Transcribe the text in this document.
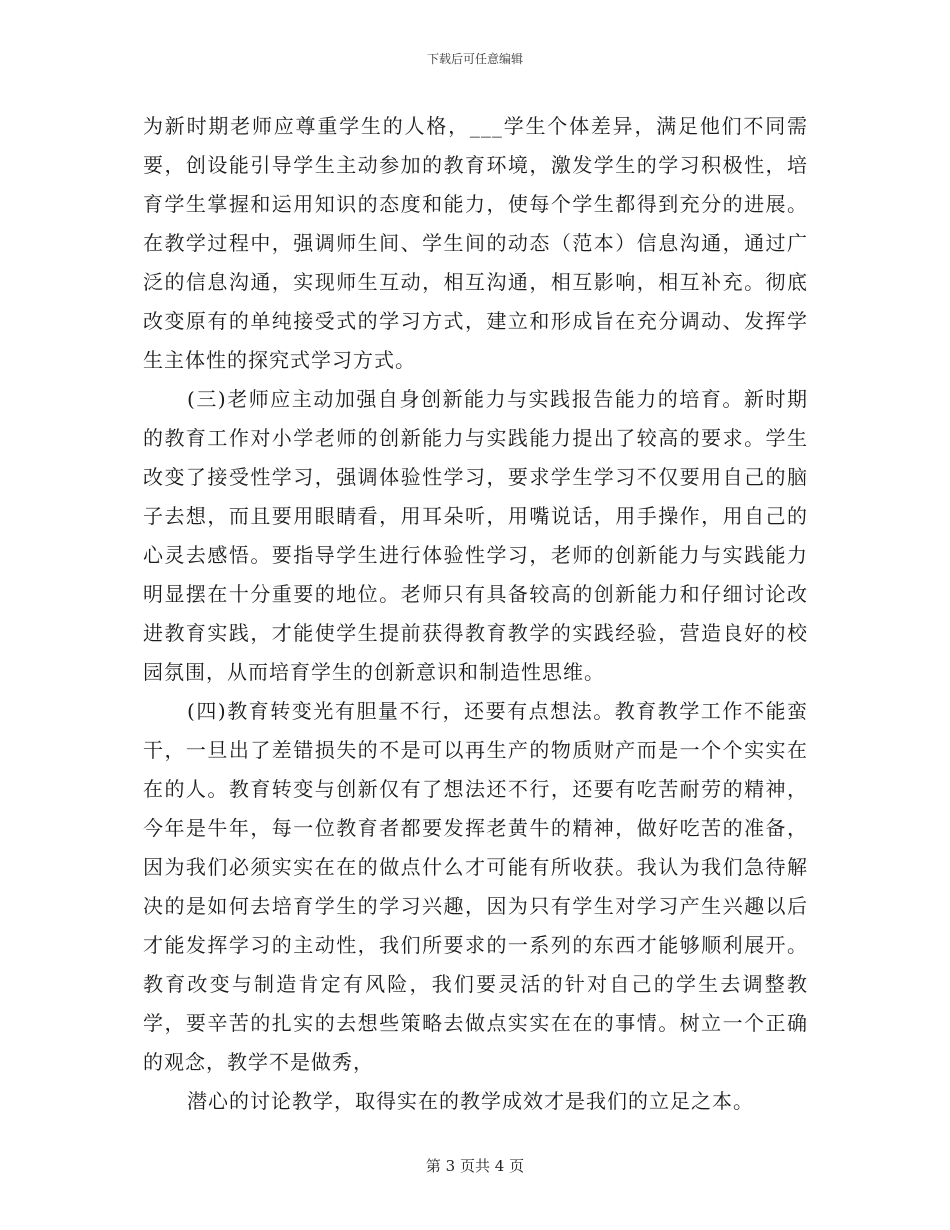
下载后可任意编辑

为新时期老师应尊重学生的人格，___学生个体差异，满足他们不同需要，创设能引导学生主动参加的教育环境，激发学生的学习积极性，培育学生掌握和运用知识的态度和能力，使每个学生都得到充分的进展。在教学过程中，强调师生间、学生间的动态（范本）信息沟通，通过广泛的信息沟通，实现师生互动，相互沟通，相互影响，相互补充。彻底改变原有的单纯接受式的学习方式，建立和形成旨在充分调动、发挥学生主体性的探究式学习方式。

(三)老师应主动加强自身创新能力与实践报告能力的培育。新时期的教育工作对小学老师的创新能力与实践能力提出了较高的要求。学生改变了接受性学习，强调体验性学习，要求学生学习不仅要用自己的脑子去想，而且要用眼睛看，用耳朵听，用嘴说话，用手操作，用自己的心灵去感悟。要指导学生进行体验性学习，老师的创新能力与实践能力明显摆在十分重要的地位。老师只有具备较高的创新能力和仔细讨论改进教育实践，才能使学生提前获得教育教学的实践经验，营造良好的校园氛围，从而培育学生的创新意识和制造性思维。

(四)教育转变光有胆量不行，还要有点想法。教育教学工作不能蛮干，一旦出了差错损失的不是可以再生产的物质财产而是一个个实实在在的人。教育转变与创新仅有了想法还不行，还要有吃苦耐劳的精神，今年是牛年，每一位教育者都要发挥老黄牛的精神，做好吃苦的准备，因为我们必须实实在在的做点什么才可能有所收获。我认为我们急待解决的是如何去培育学生的学习兴趣，因为只有学生对学习产生兴趣以后才能发挥学习的主动性，我们所要求的一系列的东西才能够顺利展开。教育改变与制造肯定有风险，我们要灵活的针对自己的学生去调整教学，要辛苦的扎实的去想些策略去做点实实在在的事情。树立一个正确的观念，教学不是做秀，

潜心的讨论教学，取得实在的教学成效才是我们的立足之本。

第 3 页共 4 页
